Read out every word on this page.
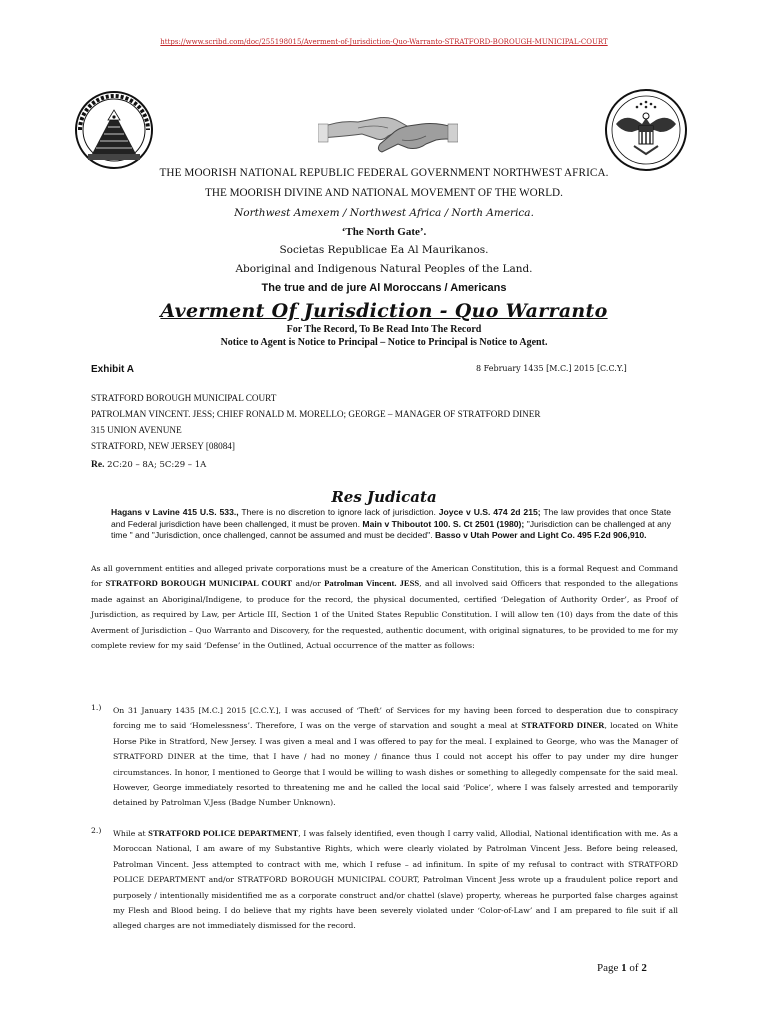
https://www.scribd.com/doc/255198015/Averment-of-Jurisdiction-Quo-Warranto-STRATFORD-BOROUGH-MUNICIPAL-COURT
THE MOORISH NATIONAL REPUBLIC FEDERAL GOVERNMENT NORTHWEST AFRICA.
THE MOORISH DIVINE AND NATIONAL MOVEMENT OF THE WORLD.
Northwest Amexem / Northwest Africa / North America.
‘The North Gate’.
Societas Republicae Ea Al Maurikanos.
Aboriginal and Indigenous Natural Peoples of the Land.
The true and de jure Al Moroccans / Americans
Averment Of Jurisdiction - Quo Warranto
For The Record, To Be Read Into The Record
Notice to Agent is Notice to Principal – Notice to Principal is Notice to Agent.
Exhibit A	8 February 1435 [M.C.] 2015 [C.C.Y.]
STRATFORD BOROUGH MUNICIPAL COURT
PATROLMAN VINCENT. JESS; CHIEF RONALD M. MORELLO; GEORGE – MANAGER OF STRATFORD DINER
315 UNION AVENUNE
STRATFORD, NEW JERSEY [08084]
Re. 2C:20 – 8A; 5C:29 – 1A
Res Judicata
Hagans v Lavine 415 U.S. 533., There is no discretion to ignore lack of jurisdiction. Joyce v U.S. 474 2d 215; The law provides that once State and Federal jurisdiction have been challenged, it must be proven. Main v Thiboutot 100. S. Ct 2501 (1980); "Jurisdiction can be challenged at any time " and "Jurisdiction, once challenged, cannot be assumed and must be decided". Basso v Utah Power and Light Co. 495 F.2d 906,910.
As all government entities and alleged private corporations must be a creature of the American Constitution, this is a formal Request and Command for STRATFORD BOROUGH MUNICIPAL COURT and/or Patrolman Vincent. JESS, and all involved said Officers that responded to the allegations made against an Aboriginal/Indigene, to produce for the record, the physical documented, certified ‘Delegation of Authority Order’, as Proof of Jurisdiction, as required by Law, per Article III, Section 1 of the United States Republic Constitution. I will allow ten (10) days from the date of this Averment of Jurisdiction – Quo Warranto and Discovery, for the requested, authentic document, with original signatures, to be provided to me for my complete review for my said ‘Defense’ in the Outlined, Actual occurrence of the matter as follows:
1.) On 31 January 1435 [M.C.] 2015 [C.C.Y.], I was accused of ‘Theft’ of Services for my having been forced to desperation due to conspiracy forcing me to said ‘Homelessness’. Therefore, I was on the verge of starvation and sought a meal at STRATFORD DINER, located on White Horse Pike in Stratford, New Jersey. I was given a meal and I was offered to pay for the meal. I explained to George, who was the Manager of STRATFORD DINER at the time, that I have / had no money / finance thus I could not accept his offer to pay under my dire hunger circumstances. In honor, I mentioned to George that I would be willing to wash dishes or something to allegedly compensate for the said meal. However, George immediately resorted to threatening me and he called the local said ‘Police’, where I was falsely arrested and temporarily detained by Patrolman V.Jess (Badge Number Unknown).
2.) While at STRATFORD POLICE DEPARTMENT, I was falsely identified, even though I carry valid, Allodial, National identification with me. As a Moroccan National, I am aware of my Substantive Rights, which were clearly violated by Patrolman Vincent Jess. Before being released, Patrolman Vincent. Jess attempted to contract with me, which I refuse – ad infinitum. In spite of my refusal to contract with STRATFORD POLICE DEPARTMENT and/or STRATFORD BOROUGH MUNICIPAL COURT, Patrolman Vincent Jess wrote up a fraudulent police report and purposely / intentionally misidentified me as a corporate construct and/or chattel (slave) property, whereas he purported false charges against my Flesh and Blood being. I do believe that my rights have been severely violated under ‘Color-of-Law’ and I am prepared to file suit if all alleged charges are not immediately dismissed for the record.
Page 1 of 2
